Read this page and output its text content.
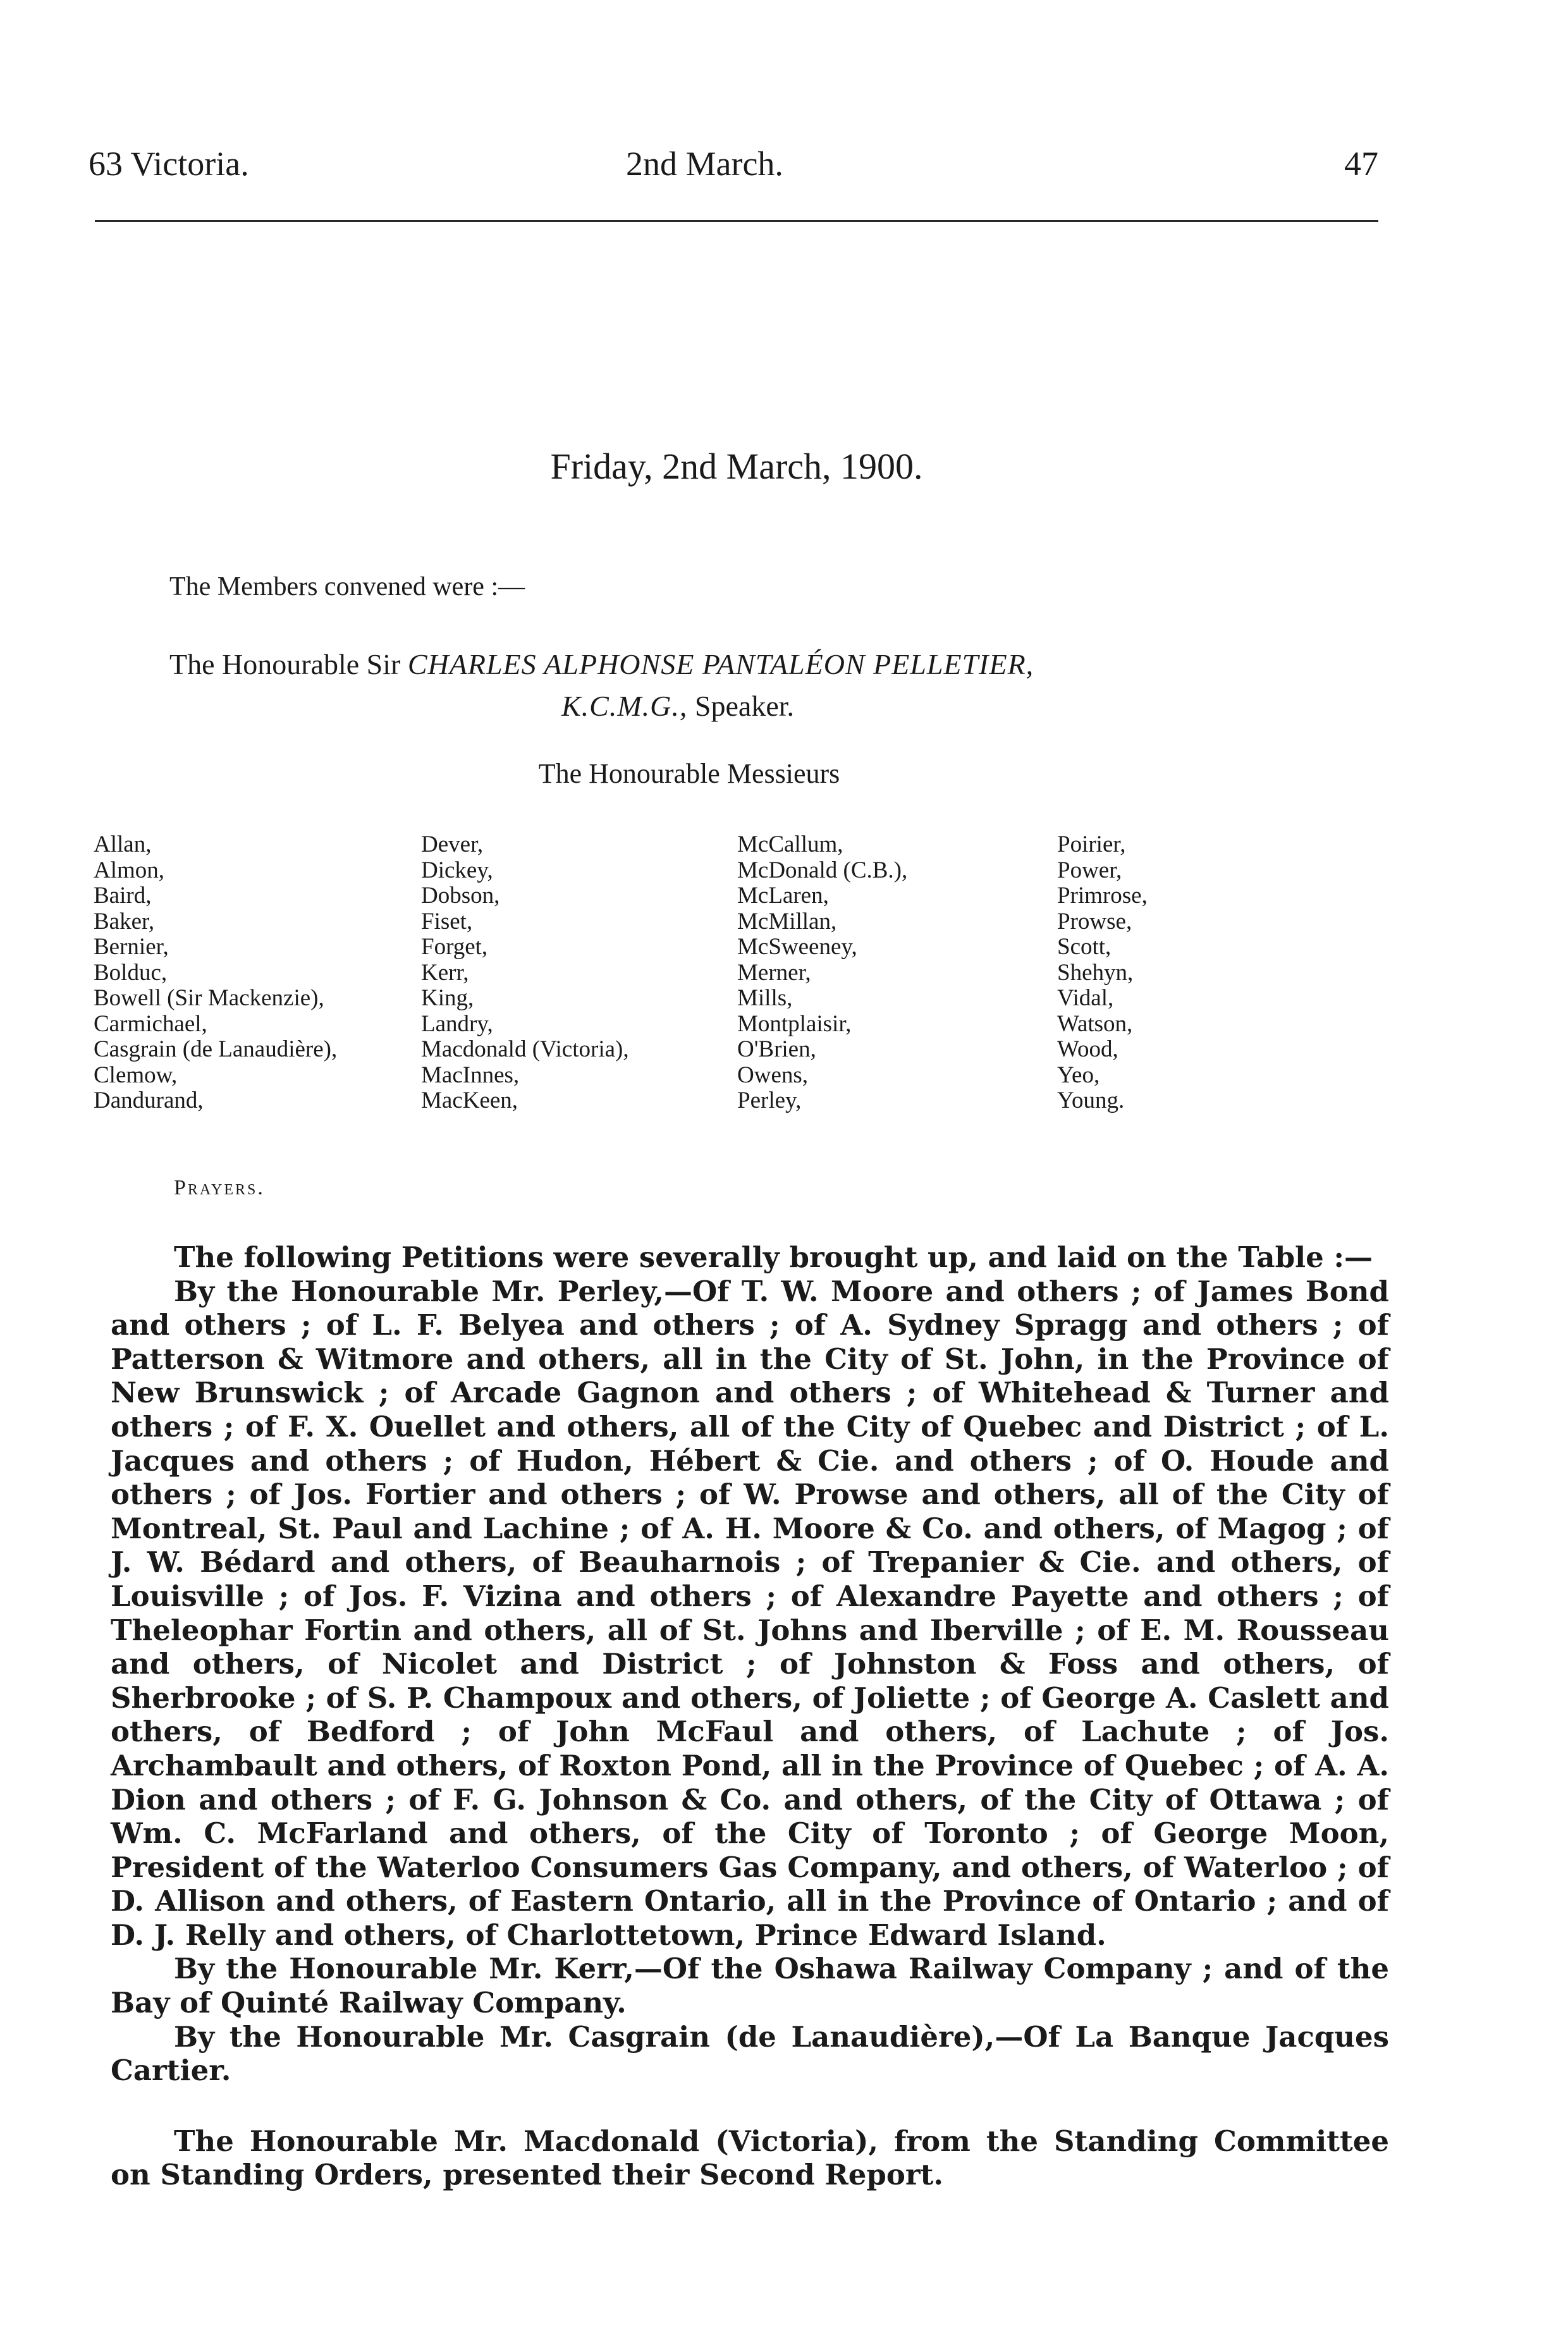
63 Victoria.	2nd March.	47
Friday, 2nd March, 1900.
The Members convened were :—
The Honourable Sir CHARLES ALPHONSE PANTALÉON PELLETIER,
K.C.M.G., Speaker.
The Honourable Messieurs
Allan,
Almon,
Baird,
Baker,
Bernier,
Bolduc,
Bowell (Sir Mackenzie),
Carmichael,
Casgrain (de Lanaudière),
Clemow,
Dandurand,
Dever,
Dickey,
Dobson,
Fiset,
Forget,
Kerr,
King,
Landry,
Macdonald (Victoria),
MacInnes,
MacKeen,
McCallum,
McDonald (C.B.),
McLaren,
McMillan,
McSweeney,
Merner,
Mills,
Montplaisir,
O'Brien,
Owens,
Perley,
Poirier,
Power,
Primrose,
Prowse,
Scott,
Shehyn,
Vidal,
Watson,
Wood,
Yeo,
Young.
Prayers.

The following Petitions were severally brought up, and laid on the Table :—

By the Honourable Mr. Perley,—Of T. W. Moore and others ; of James Bond and others ; of L. F. Belyea and others ; of A. Sydney Spragg and others ; of Patterson & Witmore and others, all in the City of St. John, in the Province of New Brunswick ; of Arcade Gagnon and others ; of Whitehead & Turner and others ; of F. X. Ouellet and others, all of the City of Quebec and District ; of L. Jacques and others ; of Hudon, Hébert & Cie. and others ; of O. Houde and others ; of Jos. Fortier and others ; of W. Prowse and others, all of the City of Montreal, St. Paul and Lachine ; of A. H. Moore & Co. and others, of Magog ; of J. W. Bédard and others, of Beauharnois ; of Trepanier & Cie. and others, of Louisville ; of Jos. F. Vizina and others ; of Alexandre Payette and others ; of Theleophar Fortin and others, all of St. Johns and Iberville ; of E. M. Rousseau and others, of Nicolet and District ; of Johnston & Foss and others, of Sherbrooke ; of S. P. Champoux and others, of Joliette ; of George A. Caslett and others, of Bedford ; of John McFaul and others, of Lachute ; of Jos. Archambault and others, of Roxton Pond, all in the Province of Quebec ; of A. A. Dion and others ; of F. G. Johnson & Co. and others, of the City of Ottawa ; of Wm. C. McFarland and others, of the City of Toronto ; of George Moon, President of the Waterloo Consumers Gas Company, and others, of Waterloo ; of D. Allison and others, of Eastern Ontario, all in the Province of Ontario ; and of D. J. Relly and others, of Charlottetown, Prince Edward Island.

By the Honourable Mr. Kerr,—Of the Oshawa Railway Company ; and of the Bay of Quinté Railway Company.

By the Honourable Mr. Casgrain (de Lanaudière),—Of La Banque Jacques Cartier.

The Honourable Mr. Macdonald (Victoria), from the Standing Committee on Standing Orders, presented their Second Report.
